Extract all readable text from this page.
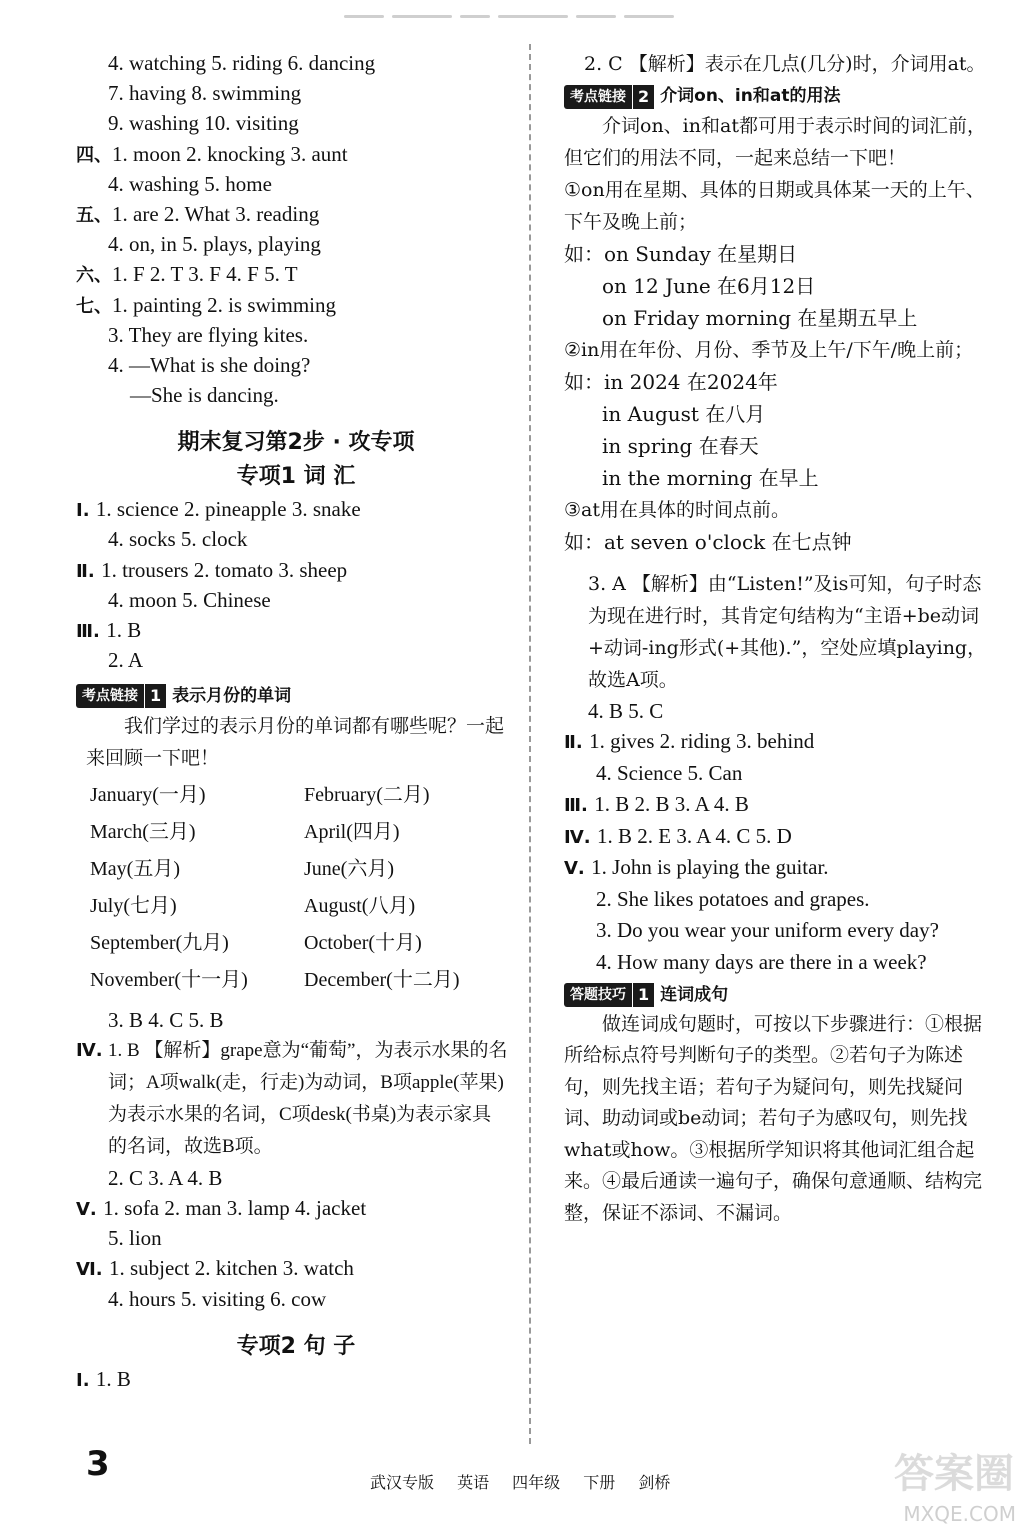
4. watching 5. riding 6. dancing
7. having 8. swimming
9. washing 10. visiting
四、1. moon 2. knocking 3. aunt
4. washing 5. home
五、1. are 2. What 3. reading
4. on, in 5. plays, playing
六、1. F 2. T 3. F 4. F 5. T
七、1. painting 2. is swimming
3. They are flying kites.
4. —What is she doing?
—She is dancing.
期末复习第2步 · 攻专项
专项1 词 汇
Ⅰ. 1. science 2. pineapple 3. snake
4. socks 5. clock
Ⅱ. 1. trousers 2. tomato 3. sheep
4. moon 5. Chinese
Ⅲ. 1. B
2. A
考点链接 1 表示月份的单词
我们学过的表示月份的单词都有哪些呢？一起来回顾一下吧！
January(一月)	February(二月)
March(三月)	April(四月)
May(五月)	June(六月)
July(七月)	August(八月)
September(九月)	October(十月)
November(十一月)	December(十二月)
3. B 4. C 5. B
Ⅳ. 1. B 【解析】grape意为“葡萄”，为表示水果的名词；A项walk(走，行走)为动词，B项apple(苹果)为表示水果的名词，C项desk(书桌)为表示家具的名词，故选B项。
2. C 3. A 4. B
Ⅴ. 1. sofa 2. man 3. lamp 4. jacket
5. lion
Ⅵ. 1. subject 2. kitchen 3. watch
4. hours 5. visiting 6. cow
专项2 句 子
Ⅰ. 1. B
2. C 【解析】表示在几点(几分)时，介词用at。
考点链接 2 介词on、in和at的用法
介词on、in和at都可用于表示时间的词汇前，但它们的用法不同，一起来总结一下吧！
①on用在星期、具体的日期或具体某一天的上午、下午及晚上前；
如：on Sunday 在星期日
on 12 June 在6月12日
on Friday morning 在星期五早上
②in用在年份、月份、季节及上午/下午/晚上前；
如：in 2024 在2024年
in August 在八月
in spring 在春天
in the morning 在早上
③at用在具体的时间点前。
如：at seven o'clock 在七点钟
3. A 【解析】由“Listen!”及is可知，句子时态为现在进行时，其肯定句结构为“主语+be动词+动词-ing形式(+其他).”，空处应填playing，故选A项。
4. B 5. C
Ⅱ. 1. gives 2. riding 3. behind
4. Science 5. Can
Ⅲ. 1. B 2. B 3. A 4. B
Ⅳ. 1. B 2. E 3. A 4. C 5. D
Ⅴ. 1. John is playing the guitar.
2. She likes potatoes and grapes.
3. Do you wear your uniform every day?
4. How many days are there in a week?
答题技巧 1 连词成句
做连词成句题时，可按以下步骤进行：①根据所给标点符号判断句子的类型。②若句子为陈述句，则先找主语；若句子为疑问句，则先找疑问词、助动词或be动词；若句子为感叹句，则先找what或how。③根据所学知识将其他词汇组合起来。④最后通读一遍句子，确保句意通顺、结构完整，保证不添词、不漏词。
3	武汉专版 英语 四年级 下册 剑桥	答案圈
MXQE.COM
